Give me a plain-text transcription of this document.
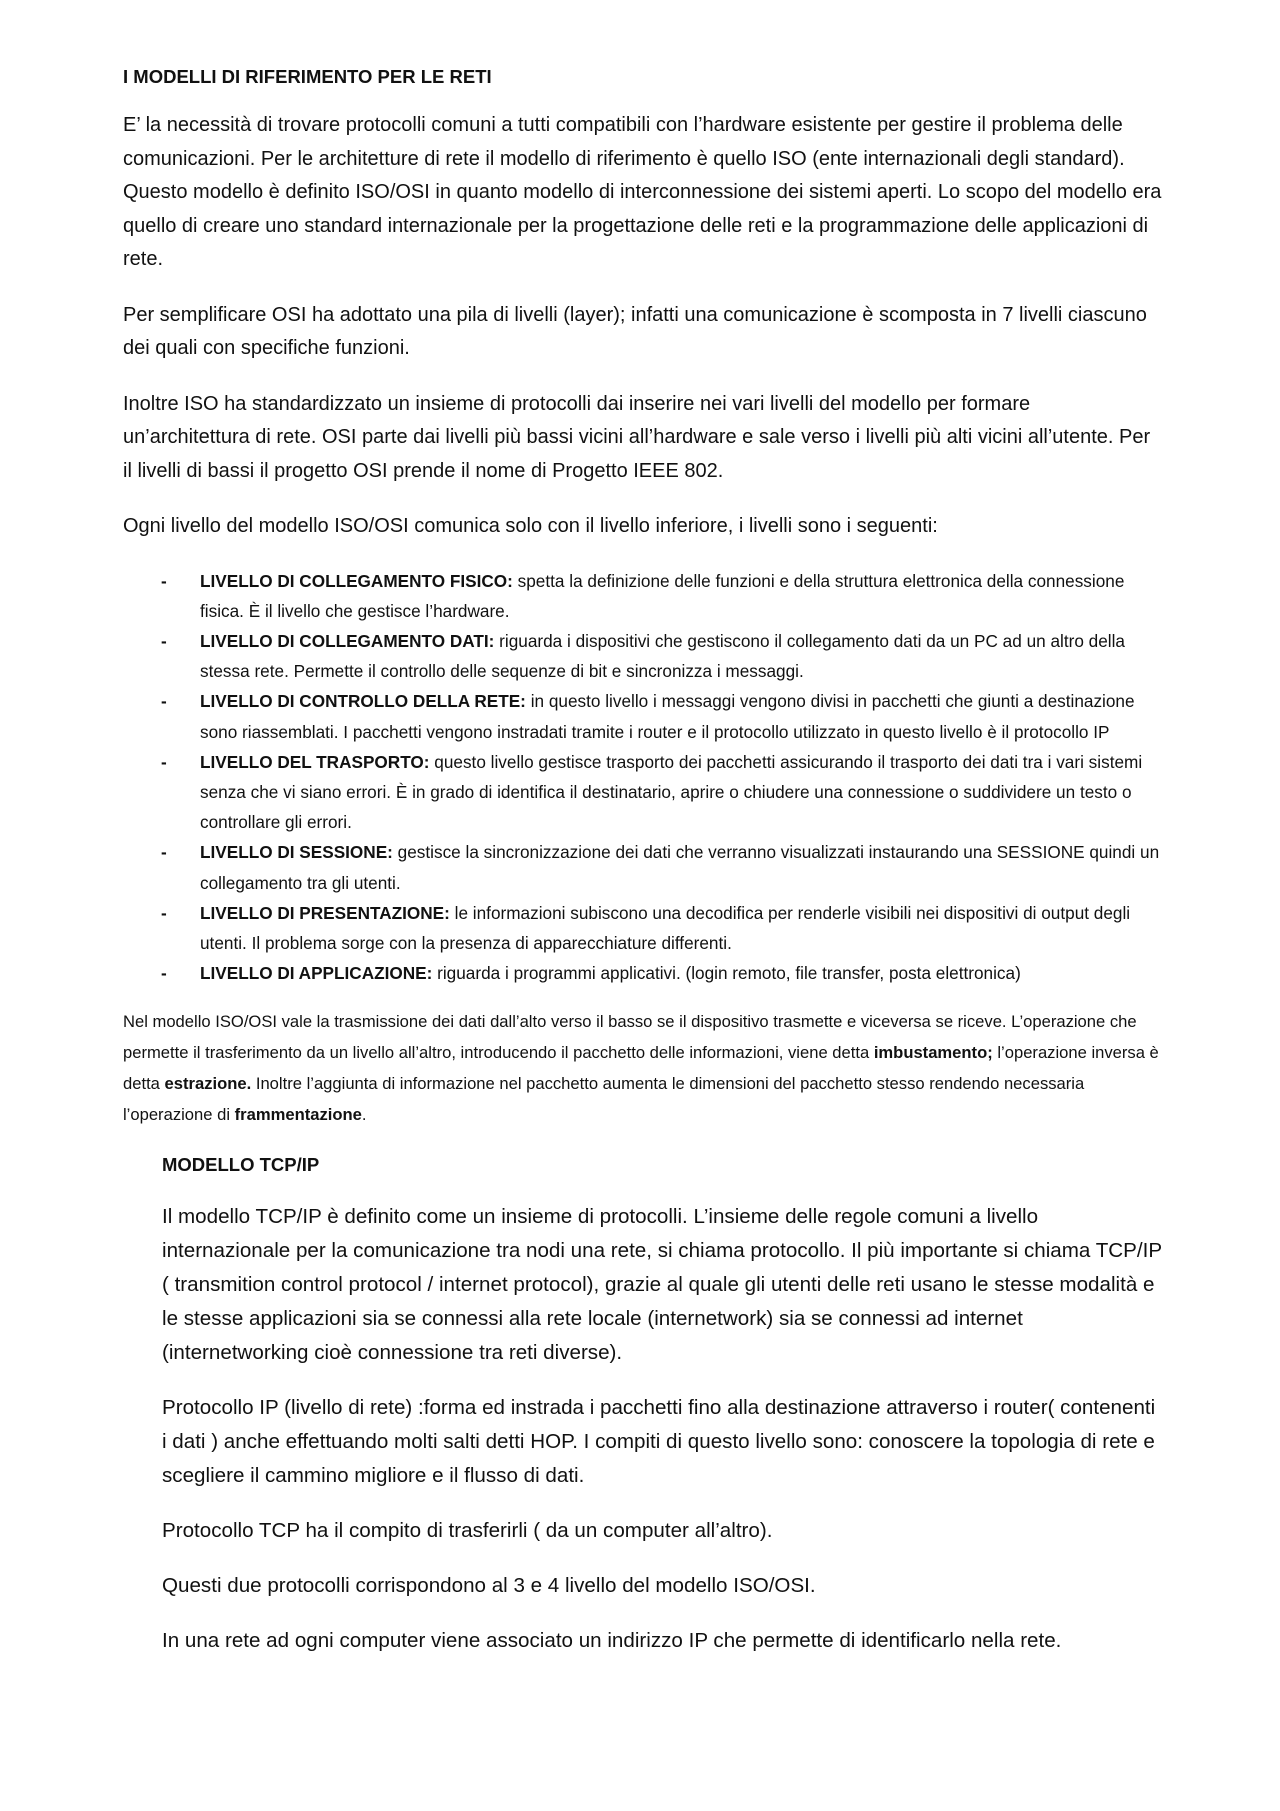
I MODELLI DI RIFERIMENTO PER LE RETI

E’ la necessità di trovare protocolli comuni a tutti compatibili con l’hardware esistente per gestire il problema delle comunicazioni. Per le architetture di rete il modello di riferimento è quello ISO (ente internazionali degli standard). Questo modello è definito ISO/OSI in quanto modello di interconnessione dei sistemi aperti. Lo scopo del modello era quello di creare uno standard internazionale per la progettazione delle reti e la programmazione delle applicazioni di rete.

Per semplificare OSI ha adottato una pila di livelli (layer); infatti una comunicazione è scomposta in 7 livelli ciascuno dei quali con specifiche funzioni.

Inoltre ISO ha standardizzato un insieme di protocolli dai inserire nei vari livelli del modello per formare un’architettura di rete. OSI parte dai livelli più bassi vicini all’hardware e sale verso i livelli più alti vicini all’utente. Per il livelli di bassi il progetto OSI prende il nome di Progetto IEEE 802.

Ogni livello del modello ISO/OSI comunica solo con il livello inferiore, i livelli sono i seguenti:

- LIVELLO DI COLLEGAMENTO FISICO: spetta la definizione delle funzioni e della struttura elettronica della connessione fisica. È il livello che gestisce l’hardware.
- LIVELLO DI COLLEGAMENTO DATI: riguarda i dispositivi che gestiscono il collegamento dati da un PC ad un altro della stessa rete. Permette il controllo delle sequenze di bit e sincronizza i messaggi.
- LIVELLO DI CONTROLLO DELLA RETE: in questo livello i messaggi vengono divisi in pacchetti che giunti a destinazione sono riassemblati. I pacchetti vengono instradati tramite i router e il protocollo utilizzato in questo livello è il protocollo IP
- LIVELLO DEL TRASPORTO: questo livello gestisce trasporto dei pacchetti assicurando il trasporto dei dati tra i vari sistemi senza che vi siano errori. È in grado di identifica il destinatario, aprire o chiudere una connessione o suddividere un testo o controllare gli errori.
- LIVELLO DI SESSIONE: gestisce la sincronizzazione dei dati che verranno visualizzati instaurando una SESSIONE quindi un collegamento tra gli utenti.
- LIVELLO DI PRESENTAZIONE: le informazioni subiscono una decodifica per renderle visibili nei dispositivi di output degli utenti. Il problema sorge con la presenza di apparecchiature differenti.
- LIVELLO DI APPLICAZIONE: riguarda i programmi applicativi. (login remoto, file transfer, posta elettronica)

Nel modello ISO/OSI vale la trasmissione dei dati dall’alto verso il basso se il dispositivo trasmette e viceversa se riceve. L’operazione che permette il trasferimento da un livello all’altro, introducendo il pacchetto delle informazioni, viene detta imbustamento; l’operazione inversa è detta estrazione. Inoltre l’aggiunta di informazione nel pacchetto aumenta le dimensioni del pacchetto stesso rendendo necessaria l’operazione di frammentazione.

MODELLO TCP/IP

Il modello TCP/IP è definito come un insieme di protocolli. L’insieme delle regole comuni a livello internazionale per la comunicazione tra nodi una rete, si chiama protocollo. Il più importante si chiama TCP/IP ( transmition control protocol / internet protocol), grazie al quale gli utenti delle reti usano le stesse modalità e le stesse applicazioni sia se connessi alla rete locale (internetwork) sia se connessi ad internet (internetworking cioè connessione tra reti diverse).

Protocollo IP (livello di rete) :forma ed instrada i pacchetti fino alla destinazione attraverso i router( contenenti i dati ) anche effettuando molti salti detti HOP. I compiti di questo livello sono: conoscere la topologia di rete e scegliere il cammino migliore e il flusso di dati.

Protocollo TCP ha il compito di trasferirli ( da un computer all’altro).

Questi due protocolli corrispondono al 3 e 4 livello del modello ISO/OSI.

In una rete ad ogni computer viene associato un indirizzo IP che permette di identificarlo nella rete.
